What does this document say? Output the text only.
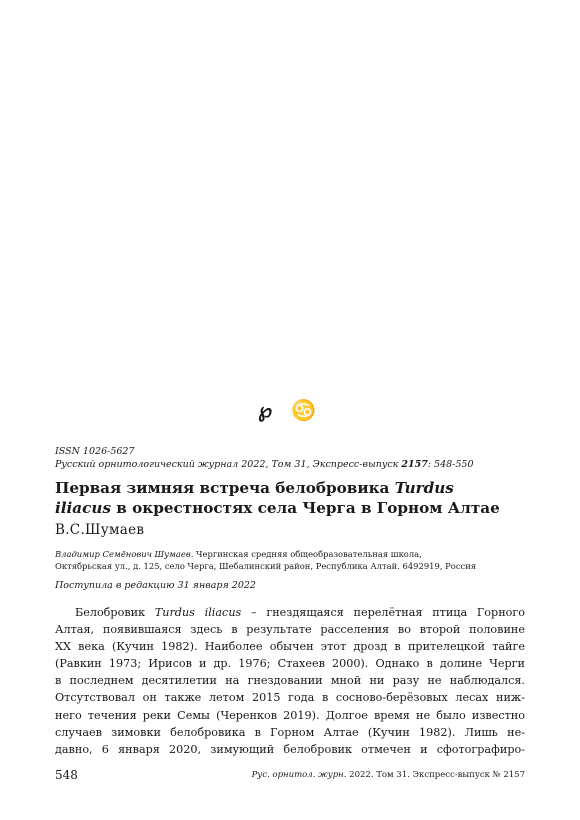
℘ ♋
ISSN 1026-5627
Русский орнитологический журнал 2022, Том 31, Экспресс-выпуск 2157: 548-550
Первая зимняя встреча белобровика Turdus
iliacus в окрестностях села Черга в Горном Алтае
В.С.Шумаев
Владимир Семёнович Шумаев. Чергинская средняя общеобразовательная школа,
Октябрьская ул., д. 125, село Черга, Шебалинский район, Республика Алтай. 6492919, Россия
Поступила в редакцию 31 января 2022
Белобровик Turdus iliacus – гнездящаяся перелётная птица Горного
Алтая, появившаяся здесь в результате расселения во второй половине
XX века (Кучин 1982). Наиболее обычен этот дрозд в прителецкой тайге
(Равкин 1973; Ирисов и др. 1976; Стахеев 2000). Однако в долине Черги
в последнем десятилетии на гнездовании мной ни разу не наблюдался.
Отсутствовал он также летом 2015 года в сосново-берёзовых лесах ниж-
него течения реки Семы (Черенков 2019). Долгое время не было известно
случаев зимовки белобровика в Горном Алтае (Кучин 1982). Лишь не-
давно, 6 января 2020, зимующий белобровик отмечен и сфотографиро-
548	Рус. орнитол. журн. 2022. Том 31. Экспресс-выпуск № 2157
